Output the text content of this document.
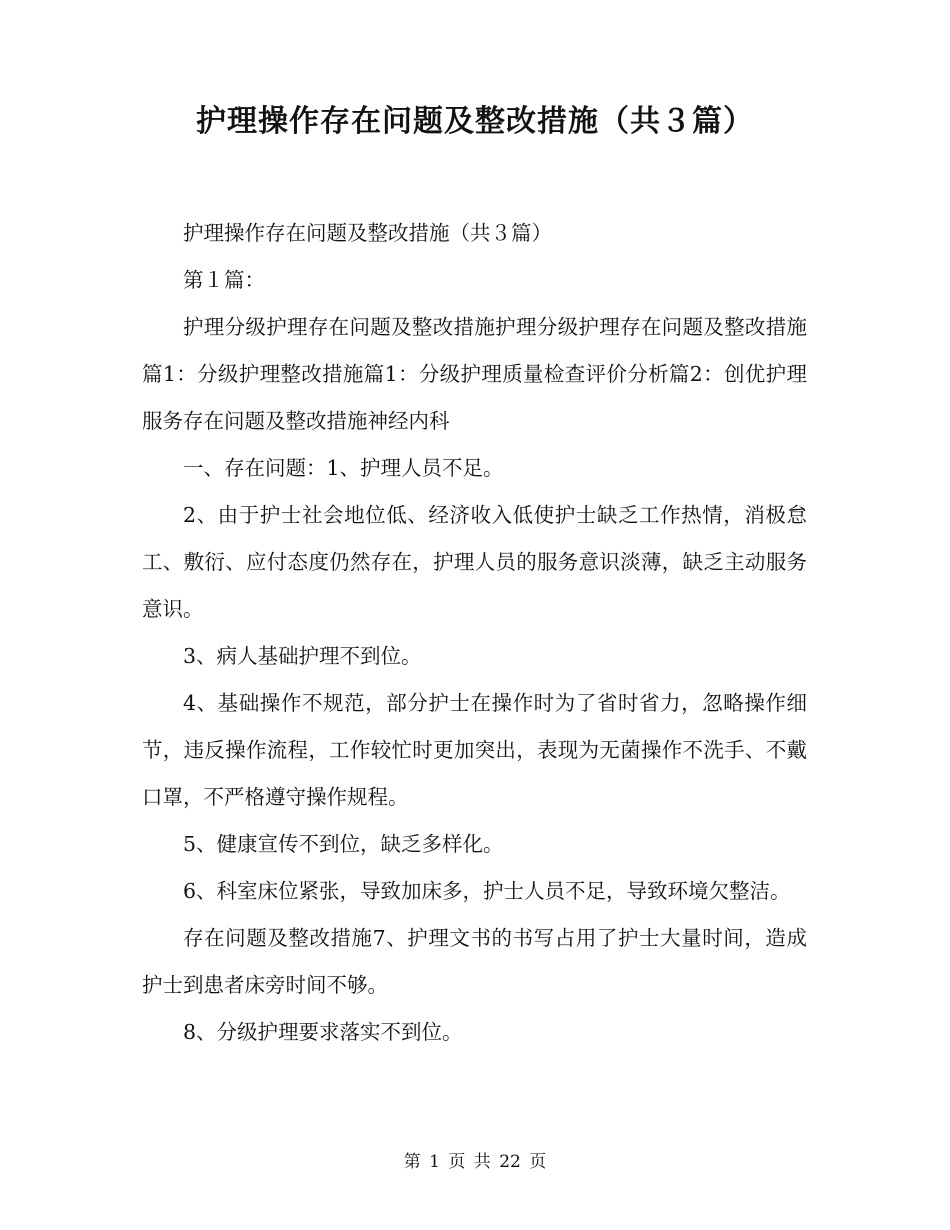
护理操作存在问题及整改措施（共３篇）

护理操作存在问题及整改措施（共３篇）

第１篇：

护理分级护理存在问题及整改措施护理分级护理存在问题及整改措施篇1：分级护理整改措施篇1：分级护理质量检查评价分析篇2：创优护理服务存在问题及整改措施神经内科

一、存在问题：1、护理人员不足。

2、由于护士社会地位低、经济收入低使护士缺乏工作热情，消极怠工、敷衍、应付态度仍然存在，护理人员的服务意识淡薄，缺乏主动服务意识。

3、病人基础护理不到位。

4、基础操作不规范，部分护士在操作时为了省时省力，忽略操作细节，违反操作流程，工作较忙时更加突出，表现为无菌操作不洗手、不戴口罩，不严格遵守操作规程。

5、健康宣传不到位，缺乏多样化。

6、科室床位紧张，导致加床多，护士人员不足，导致环境欠整洁。

存在问题及整改措施7、护理文书的书写占用了护士大量时间，造成护士到患者床旁时间不够。

8、分级护理要求落实不到位。

第 1 页 共 22 页
